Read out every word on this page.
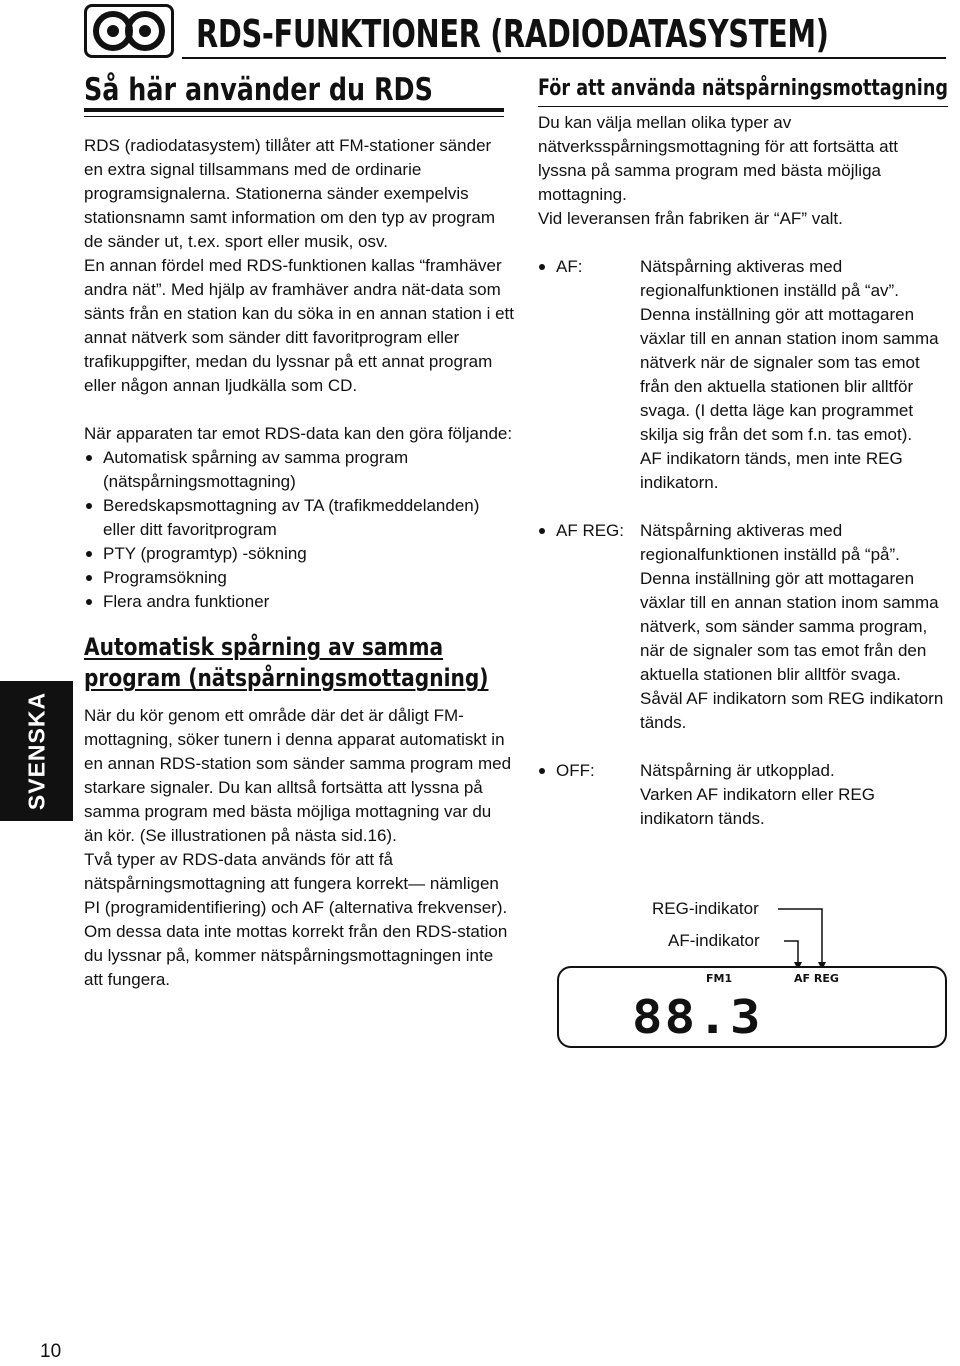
RDS-FUNKTIONER (RADIODATASYSTEM)
Så här använder du RDS	För att använda nätspårningsmottagning

RDS (radiodatasystem) tillåter att FM-stationer sänder en extra signal tillsammans med de ordinarie programsignalerna. Stationerna sänder exempelvis stationsnamn samt information om den typ av program de sänder ut, t.ex. sport eller musik, osv.

En annan fördel med RDS-funktionen kallas “framhäver andra nät”. Med hjälp av framhäver andra nät-data som sänts från en station kan du söka in en annan station i ett annat nätverk som sänder ditt favoritprogram eller trafikuppgifter, medan du lyssnar på ett annat program eller någon annan ljudkälla som CD.

När apparaten tar emot RDS-data kan den göra följande:

Automatisk spårning av samma program (nätspårningsmottagning)
Beredskapsmottagning av TA (trafikmeddelanden) eller ditt favoritprogram
PTY (programtyp) -sökning
Programsökning
Flera andra funktioner
Automatisk spårning av samma
program (nätspårningsmottagning)

När du kör genom ett område där det är dåligt FM-mottagning, söker tunern i denna apparat automatiskt in en annan RDS-station som sänder samma program med starkare signaler. Du kan alltså fortsätta att lyssna på samma program med bästa möjliga mottagning var du än kör. (Se illustrationen på nästa sid.16).

Två typer av RDS-data används för att få nätspårningsmottagning att fungera korrekt— nämligen PI (programidentifiering) och AF (alternativa frekvenser).

Om dessa data inte mottas korrekt från den RDS-station du lyssnar på, kommer nätspårningsmottagningen inte att fungera.

Du kan välja mellan olika typer av nätverksspårningsmottagning för att fortsätta att lyssna på samma program med bästa möjliga mottagning.

Vid leveransen från fabriken är “AF” valt.

AF:	Nätspårning aktiveras med regionalfunktionen inställd på “av”. Denna inställning gör att mottagaren växlar till en annan station inom samma nätverk när de signaler som tas emot från den aktuella stationen blir alltför svaga. (I detta läge kan programmet skilja sig från det som f.n. tas emot).

AF indikatorn tänds, men inte REG indikatorn.

AF REG: Nätspårning aktiveras med regionalfunktionen inställd på “på”. Denna inställning gör att mottagaren växlar till en annan station inom samma nätverk, som sänder samma program, när de signaler som tas emot från den aktuella stationen blir alltför svaga.

Såväl AF indikatorn som REG indikatorn tänds.

OFF:	Nätspårning är utkopplad.

Varken AF indikatorn eller REG indikatorn tänds.

REG-indikator
AF-indikator
FM1	AF REG
88.3
SVENSKA
10
